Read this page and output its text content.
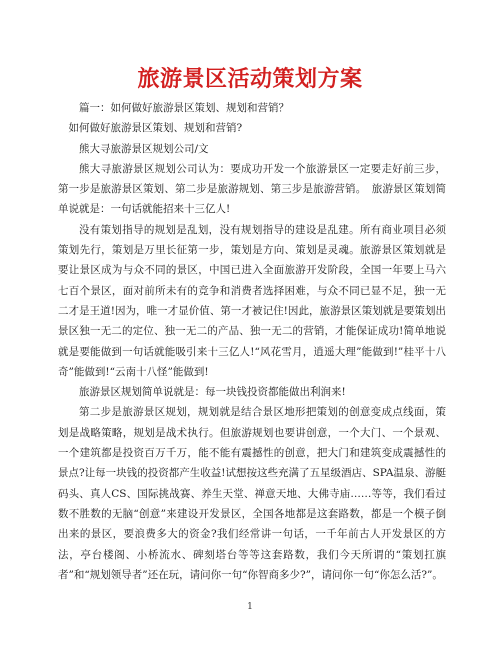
旅游景区活动策划方案

篇一：如何做好旅游景区策划、规划和营销？

如何做好旅游景区策划、规划和营销?

熊大寻旅游景区规划公司/文

熊大寻旅游景区规划公司认为：要成功开发一个旅游景区一定要走好前三步，第一步是旅游景区策划、第二步是旅游规划、第三步是旅游营销。　旅游景区策划简单说就是：一句话就能招来十三亿人!

没有策划指导的规划是乱划，没有规划指导的建设是乱建。所有商业项目必须策划先行，策划是万里长征第一步，策划是方向、策划是灵魂。旅游景区策划就是要让景区成为与众不同的景区，中国已进入全面旅游开发阶段，全国一年要上马六七百个景区，面对前所未有的竞争和消费者选择困难，与众不同已显不足，独一无二才是王道!因为，唯一才显价值、第一才被记住!因此，旅游景区策划就是要策划出景区独一无二的定位、独一无二的产品、独一无二的营销，才能保证成功!简单地说就是要能做到一句话就能吸引来十三亿人!“风花雪月，逍遥大理”能做到!”桂平十八奇”能做到!“云南十八怪”能做到!

旅游景区规划简单说就是：每一块钱投资都能做出利润来!

第二步是旅游景区规划，规划就是结合景区地形把策划的创意变成点线面，策划是战略策略，规划是战术执行。但旅游规划也要讲创意，一个大门、一个景观、一个建筑都是投资百万千万，能不能有震撼性的创意，把大门和建筑变成震撼性的景点?让每一块钱的投资都产生收益!试想按这些充满了五星级酒店、SPA温泉、游艇码头、真人CS、国际挑战赛、养生天堂、禅意天地、大佛寺庙……等等，我们看过数不胜数的无脑“创意”来建设开发景区，全国各地都是这套路数，都是一个模子倒出来的景区，要浪费多大的资金?我们经常讲一句话，一千年前古人开发景区的方法，亭台楼阁、小桥流水、碑刻塔台等等这套路数，我们今天所谓的“策划扛旗者”和“规划领导者”还在玩，请问你一句“你智商多少?”，请问你一句“你怎么活?”。

1
